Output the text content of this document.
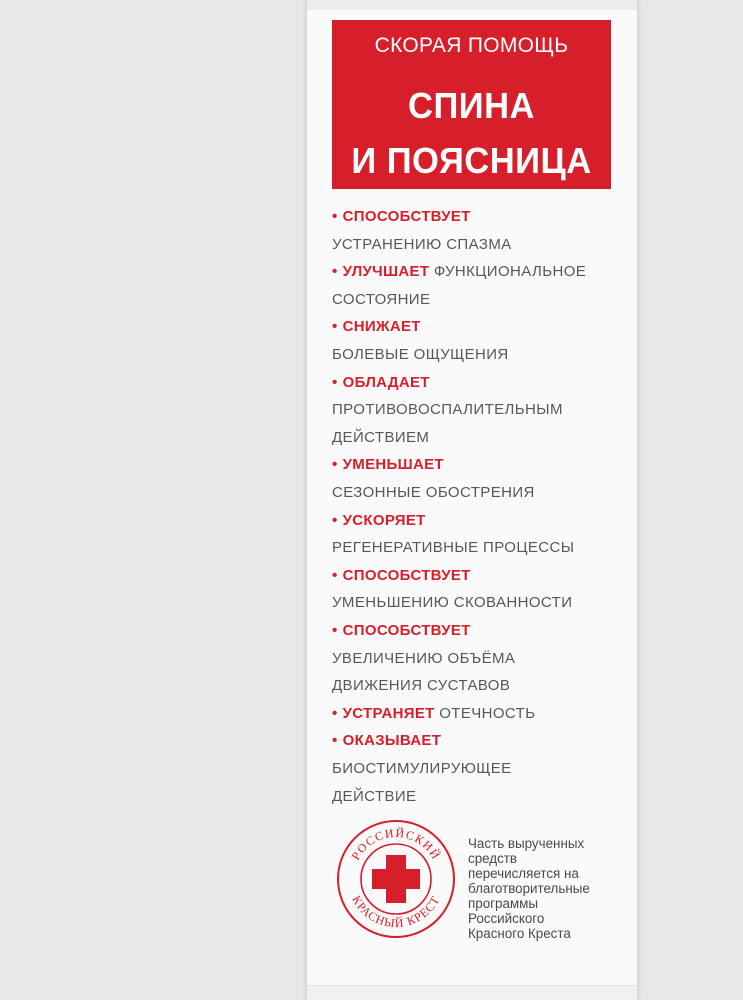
СКОРАЯ ПОМОЩЬ
СПИНА
И ПОЯСНИЦА
• СПОСОБСТВУЕТ
УСТРАНЕНИЮ СПАЗМА
• УЛУЧШАЕТ ФУНКЦИОНАЛЬНОЕ
СОСТОЯНИЕ
• СНИЖАЕТ
БОЛЕВЫЕ ОЩУЩЕНИЯ
• ОБЛАДАЕТ
ПРОТИВОВОСПАЛИТЕЛЬНЫМ
ДЕЙСТВИЕМ
• УМЕНЬШАЕТ
СЕЗОННЫЕ ОБОСТРЕНИЯ
• УСКОРЯЕТ
РЕГЕНЕРАТИВНЫЕ ПРОЦЕССЫ
• СПОСОБСТВУЕТ
УМЕНЬШЕНИЮ СКОВАННОСТИ
• СПОСОБСТВУЕТ
УВЕЛИЧЕНИЮ ОБЪЁМА
ДВИЖЕНИЯ СУСТАВОВ
• УСТРАНЯЕТ ОТЕЧНОСТЬ
• ОКАЗЫВАЕТ
БИОСТИМУЛИРУЮЩЕЕ
ДЕЙСТВИЕ
РОССИЙСКИЙ
КРАСНЫЙ КРЕСТ
Часть вырученных
средств
перечисляется на
благотворительные
программы
Российского
Красного Креста
